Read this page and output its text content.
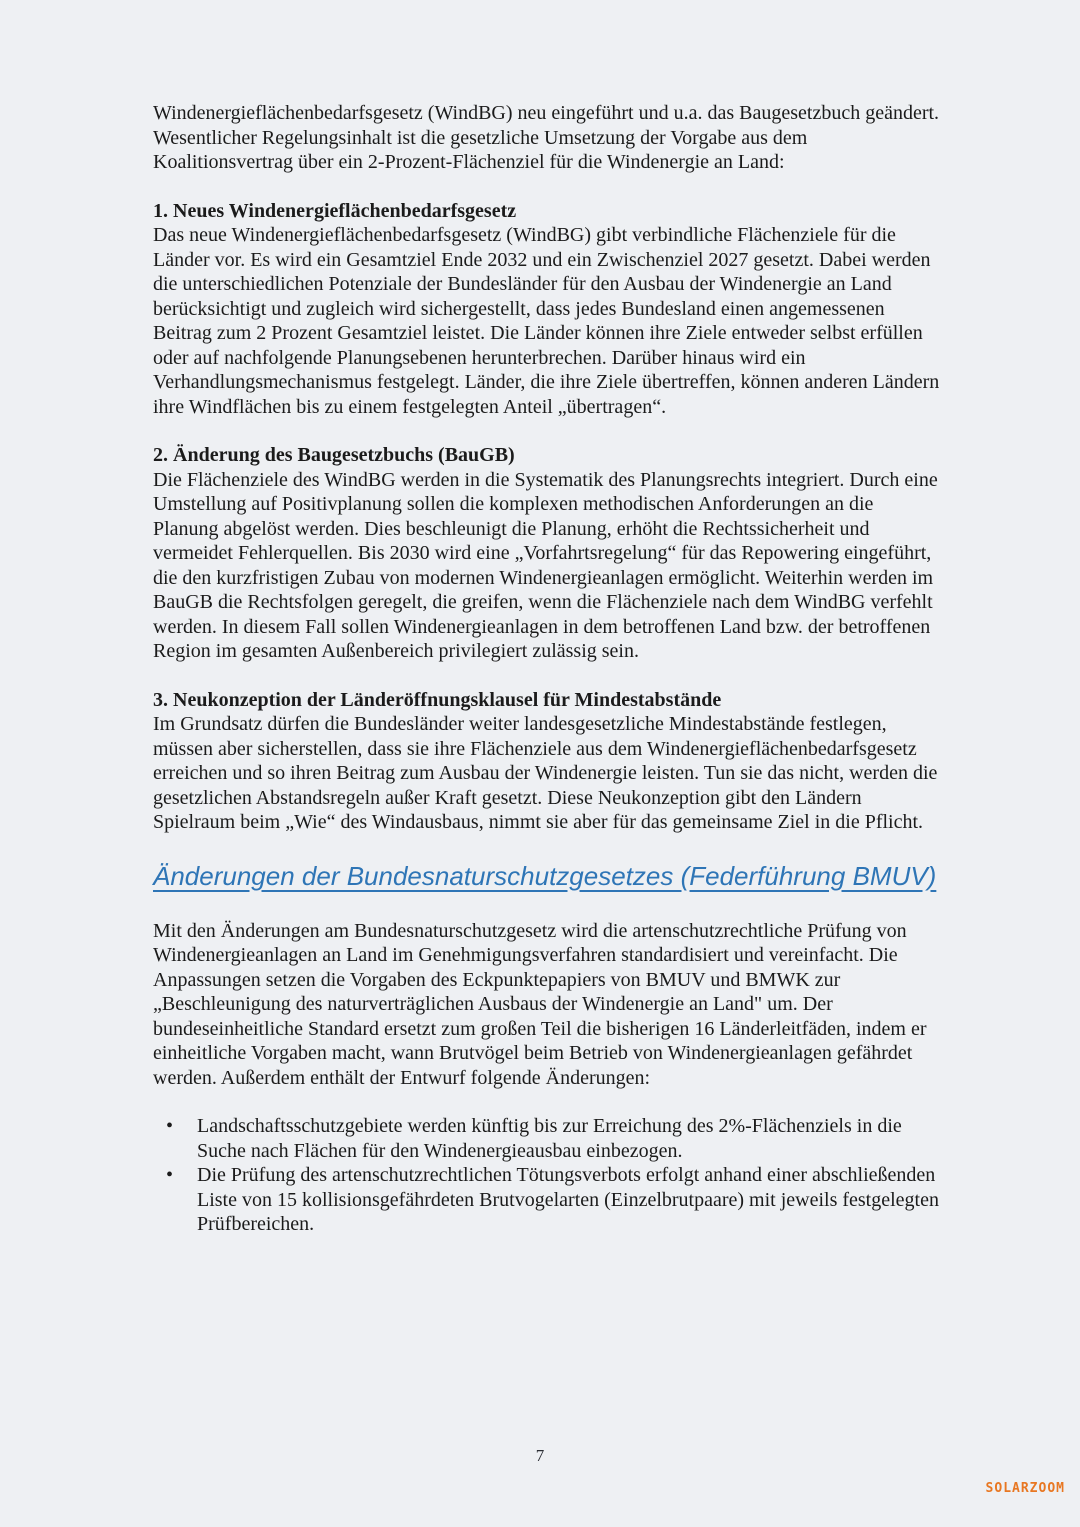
Windenergieflächenbedarfsgesetz (WindBG) neu eingeführt und u.a. das Baugesetzbuch geändert. Wesentlicher Regelungsinhalt ist die gesetzliche Umsetzung der Vorgabe aus dem Koalitionsvertrag über ein 2-Prozent-Flächenziel für die Windenergie an Land:

1. Neues Windenergieflächenbedarfsgesetz

Das neue Windenergieflächenbedarfsgesetz (WindBG) gibt verbindliche Flächenziele für die Länder vor. Es wird ein Gesamtziel Ende 2032 und ein Zwischenziel 2027 gesetzt. Dabei werden die unterschiedlichen Potenziale der Bundesländer für den Ausbau der Windenergie an Land berücksichtigt und zugleich wird sichergestellt, dass jedes Bundesland einen angemessenen Beitrag zum 2 Prozent Gesamtziel leistet. Die Länder können ihre Ziele entweder selbst erfüllen oder auf nachfolgende Planungsebenen herunterbrechen. Darüber hinaus wird ein Verhandlungsmechanismus festgelegt. Länder, die ihre Ziele übertreffen, können anderen Ländern ihre Windflächen bis zu einem festgelegten Anteil „übertragen“.

2. Änderung des Baugesetzbuchs (BauGB)

Die Flächenziele des WindBG werden in die Systematik des Planungsrechts integriert. Durch eine Umstellung auf Positivplanung sollen die komplexen methodischen Anforderungen an die Planung abgelöst werden. Dies beschleunigt die Planung, erhöht die Rechtssicherheit und vermeidet Fehlerquellen. Bis 2030 wird eine „Vorfahrtsregelung“ für das Repowering eingeführt, die den kurzfristigen Zubau von modernen Windenergieanlagen ermöglicht. Weiterhin werden im BauGB die Rechtsfolgen geregelt, die greifen, wenn die Flächenziele nach dem WindBG verfehlt werden. In diesem Fall sollen Windenergieanlagen in dem betroffenen Land bzw. der betroffenen Region im gesamten Außenbereich privilegiert zulässig sein.

3. Neukonzeption der Länderöffnungsklausel für Mindestabstände

Im Grundsatz dürfen die Bundesländer weiter landesgesetzliche Mindestabstände festlegen, müssen aber sicherstellen, dass sie ihre Flächenziele aus dem Windenergieflächenbedarfsgesetz erreichen und so ihren Beitrag zum Ausbau der Windenergie leisten. Tun sie das nicht, werden die gesetzlichen Abstandsregeln außer Kraft gesetzt. Diese Neukonzeption gibt den Ländern Spielraum beim „Wie“ des Windausbaus, nimmt sie aber für das gemeinsame Ziel in die Pflicht.

Änderungen der Bundesnaturschutzgesetzes (Federführung BMUV)

Mit den Änderungen am Bundesnaturschutzgesetz wird die artenschutzrechtliche Prüfung von Windenergieanlagen an Land im Genehmigungsverfahren standardisiert und vereinfacht. Die Anpassungen setzen die Vorgaben des Eckpunktepapiers von BMUV und BMWK zur „Beschleunigung des naturverträglichen Ausbaus der Windenergie an Land" um. Der bundeseinheitliche Standard ersetzt zum großen Teil die bisherigen 16 Länderleitfäden, indem er einheitliche Vorgaben macht, wann Brutvögel beim Betrieb von Windenergieanlagen gefährdet werden. Außerdem enthält der Entwurf folgende Änderungen:

•	Landschaftsschutzgebiete werden künftig bis zur Erreichung des 2%-Flächenziels in die Suche nach Flächen für den Windenergieausbau einbezogen.
•	Die Prüfung des artenschutzrechtlichen Tötungsverbots erfolgt anhand einer abschließenden Liste von 15 kollisionsgefährdeten Brutvogelarten (Einzelbrutpaare) mit jeweils festgelegten Prüfbereichen.
7
SOLARZOOM
